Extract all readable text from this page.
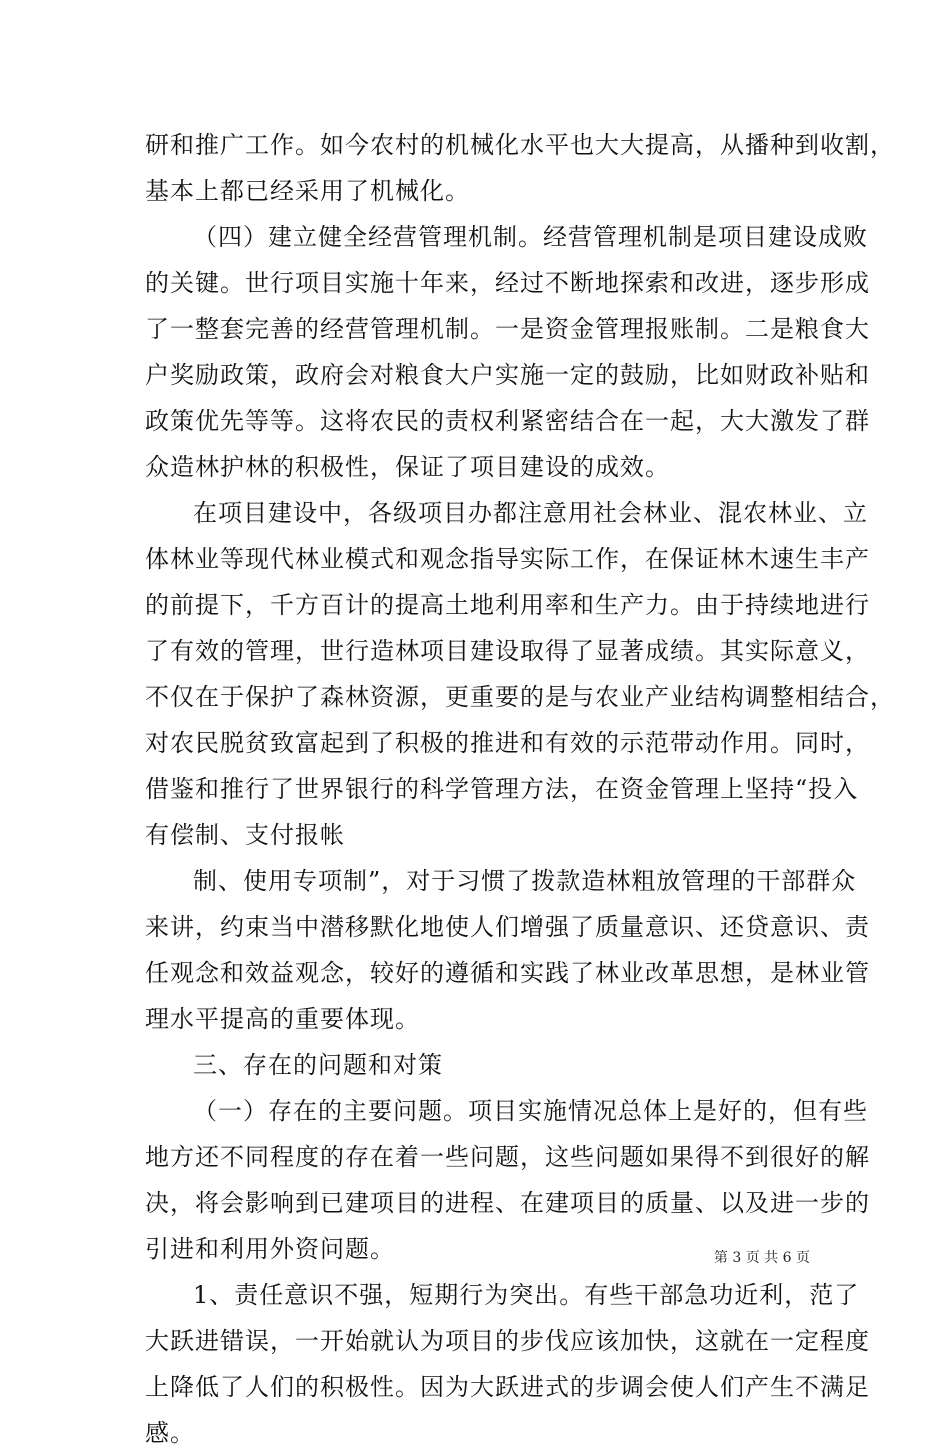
研和推广工作。如今农村的机械化水平也大大提高，从播种到收割，
基本上都已经采用了机械化。
（四）建立健全经营管理机制。经营管理机制是项目建设成败
的关键。世行项目实施十年来，经过不断地探索和改进，逐步形成
了一整套完善的经营管理机制。一是资金管理报账制。二是粮食大
户奖励政策，政府会对粮食大户实施一定的鼓励，比如财政补贴和
政策优先等等。这将农民的责权利紧密结合在一起，大大激发了群
众造林护林的积极性，保证了项目建设的成效。
在项目建设中，各级项目办都注意用社会林业、混农林业、立
体林业等现代林业模式和观念指导实际工作，在保证林木速生丰产
的前提下，千方百计的提高土地利用率和生产力。由于持续地进行
了有效的管理，世行造林项目建设取得了显著成绩。其实际意义，
不仅在于保护了森林资源，更重要的是与农业产业结构调整相结合，
对农民脱贫致富起到了积极的推进和有效的示范带动作用。同时，
借鉴和推行了世界银行的科学管理方法，在资金管理上坚持“投入
有偿制、支付报帐
制、使用专项制”，对于习惯了拨款造林粗放管理的干部群众
来讲，约束当中潜移默化地使人们增强了质量意识、还贷意识、责
任观念和效益观念，较好的遵循和实践了林业改革思想，是林业管
理水平提高的重要体现。
三、存在的问题和对策
（一）存在的主要问题。项目实施情况总体上是好的，但有些
地方还不同程度的存在着一些问题，这些问题如果得不到很好的解
决，将会影响到已建项目的进程、在建项目的质量、以及进一步的
引进和利用外资问题。
1、责任意识不强，短期行为突出。有些干部急功近利，范了
大跃进错误，一开始就认为项目的步伐应该加快，这就在一定程度
上降低了人们的积极性。因为大跃进式的步调会使人们产生不满足
感。
第 3 页 共 6 页
